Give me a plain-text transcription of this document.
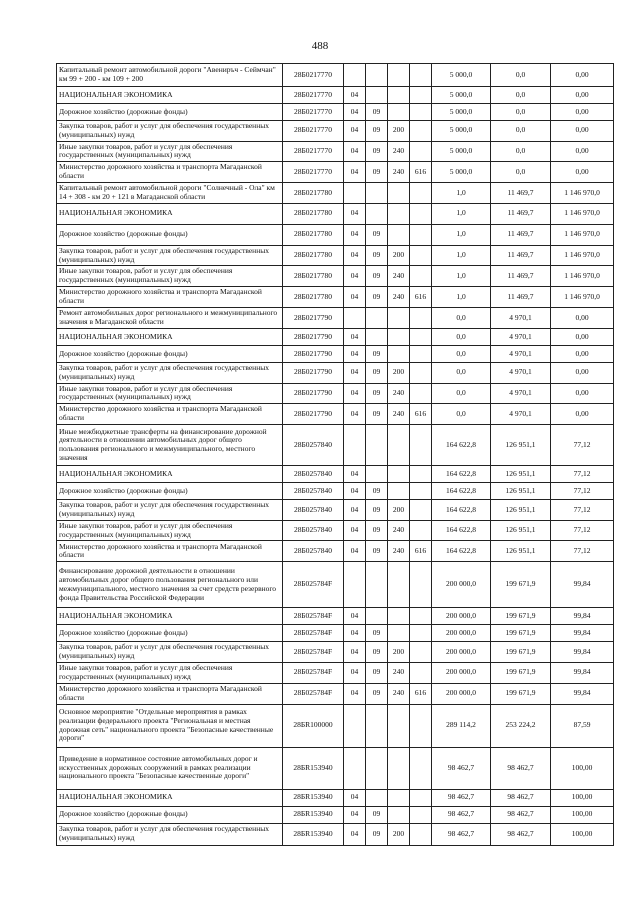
488
Капитальный ремонт автомобильной дороги "Авениръч - Сеймчан" км 99 + 200 - км 109 + 200	28Б0217770					5 000,0	0,0	0,00
НАЦИОНАЛЬНАЯ ЭКОНОМИКА	28Б0217770	04				5 000,0	0,0	0,00
Дорожное хозяйство (дорожные фонды)	28Б0217770	04	09			5 000,0	0,0	0,00
Закупка товаров, работ и услуг для обеспечения государственных (муниципальных) нужд	28Б0217770	04	09	200		5 000,0	0,0	0,00
Иные закупки товаров, работ и услуг для обеспечения государственных (муниципальных) нужд	28Б0217770	04	09	240		5 000,0	0,0	0,00
Министерство дорожного хозяйства и транспорта Магаданской области	28Б0217770	04	09	240	616	5 000,0	0,0	0,00
Капитальный ремонт автомобильной дороги "Солнечный - Ола" км 14 + 308 - км 20 + 121 в Магаданской области	28Б0217780					1,0	11 469,7	1 146 970,0
НАЦИОНАЛЬНАЯ ЭКОНОМИКА	28Б0217780	04				1,0	11 469,7	1 146 970,0
Дорожное хозяйство (дорожные фонды)	28Б0217780	04	09			1,0	11 469,7	1 146 970,0
Закупка товаров, работ и услуг для обеспечения государственных (муниципальных) нужд	28Б0217780	04	09	200		1,0	11 469,7	1 146 970,0
Иные закупки товаров, работ и услуг для обеспечения государственных (муниципальных) нужд	28Б0217780	04	09	240		1,0	11 469,7	1 146 970,0
Министерство дорожного хозяйства и транспорта Магаданской области	28Б0217780	04	09	240	616	1,0	11 469,7	1 146 970,0
Ремонт автомобильных дорог регионального и межмуниципального значения в Магаданской области	28Б0217790					0,0	4 970,1	0,00
НАЦИОНАЛЬНАЯ ЭКОНОМИКА	28Б0217790	04				0,0	4 970,1	0,00
Дорожное хозяйство (дорожные фонды)	28Б0217790	04	09			0,0	4 970,1	0,00
Закупка товаров, работ и услуг для обеспечения государственных (муниципальных) нужд	28Б0217790	04	09	200		0,0	4 970,1	0,00
Иные закупки товаров, работ и услуг для обеспечения государственных (муниципальных) нужд	28Б0217790	04	09	240		0,0	4 970,1	0,00
Министерство дорожного хозяйства и транспорта Магаданской области	28Б0217790	04	09	240	616	0,0	4 970,1	0,00
Иные межбюджетные трансферты на финансирование дорожной деятельности в отношении автомобильных дорог общего пользования регионального и межмуниципального, местного значения	28Б0257840					164 622,8	126 951,1	77,12
НАЦИОНАЛЬНАЯ ЭКОНОМИКА	28Б0257840	04				164 622,8	126 951,1	77,12
Дорожное хозяйство (дорожные фонды)	28Б0257840	04	09			164 622,8	126 951,1	77,12
Закупка товаров, работ и услуг для обеспечения государственных (муниципальных) нужд	28Б0257840	04	09	200		164 622,8	126 951,1	77,12
Иные закупки товаров, работ и услуг для обеспечения государственных (муниципальных) нужд	28Б0257840	04	09	240		164 622,8	126 951,1	77,12
Министерство дорожного хозяйства и транспорта Магаданской области	28Б0257840	04	09	240	616	164 622,8	126 951,1	77,12
Финансирование дорожной деятельности в отношении автомобильных дорог общего пользования регионального или межмуниципального, местного значения за счет средств резервного фонда Правительства Российской Федерации	28Б025784F					200 000,0	199 671,9	99,84
НАЦИОНАЛЬНАЯ ЭКОНОМИКА	28Б025784F	04				200 000,0	199 671,9	99,84
Дорожное хозяйство (дорожные фонды)	28Б025784F	04	09			200 000,0	199 671,9	99,84
Закупка товаров, работ и услуг для обеспечения государственных (муниципальных) нужд	28Б025784F	04	09	200		200 000,0	199 671,9	99,84
Иные закупки товаров, работ и услуг для обеспечения государственных (муниципальных) нужд	28Б025784F	04	09	240		200 000,0	199 671,9	99,84
Министерство дорожного хозяйства и транспорта Магаданской области	28Б025784F	04	09	240	616	200 000,0	199 671,9	99,84
Основное мероприятие "Отдельные мероприятия в рамках реализации федерального проекта "Региональная и местная дорожная сеть" национального проекта "Безопасные качественные дороги"	28БR100000					289 114,2	253 224,2	87,59
Приведение в нормативное состояние автомобильных дорог и искусственных дорожных сооружений в рамках реализации национального проекта "Безопасные качественные дороги"	28БR153940					98 462,7	98 462,7	100,00
НАЦИОНАЛЬНАЯ ЭКОНОМИКА	28БR153940	04				98 462,7	98 462,7	100,00
Дорожное хозяйство (дорожные фонды)	28БR153940	04	09			98 462,7	98 462,7	100,00
Закупка товаров, работ и услуг для обеспечения государственных (муниципальных) нужд	28БR153940	04	09	200		98 462,7	98 462,7	100,00
